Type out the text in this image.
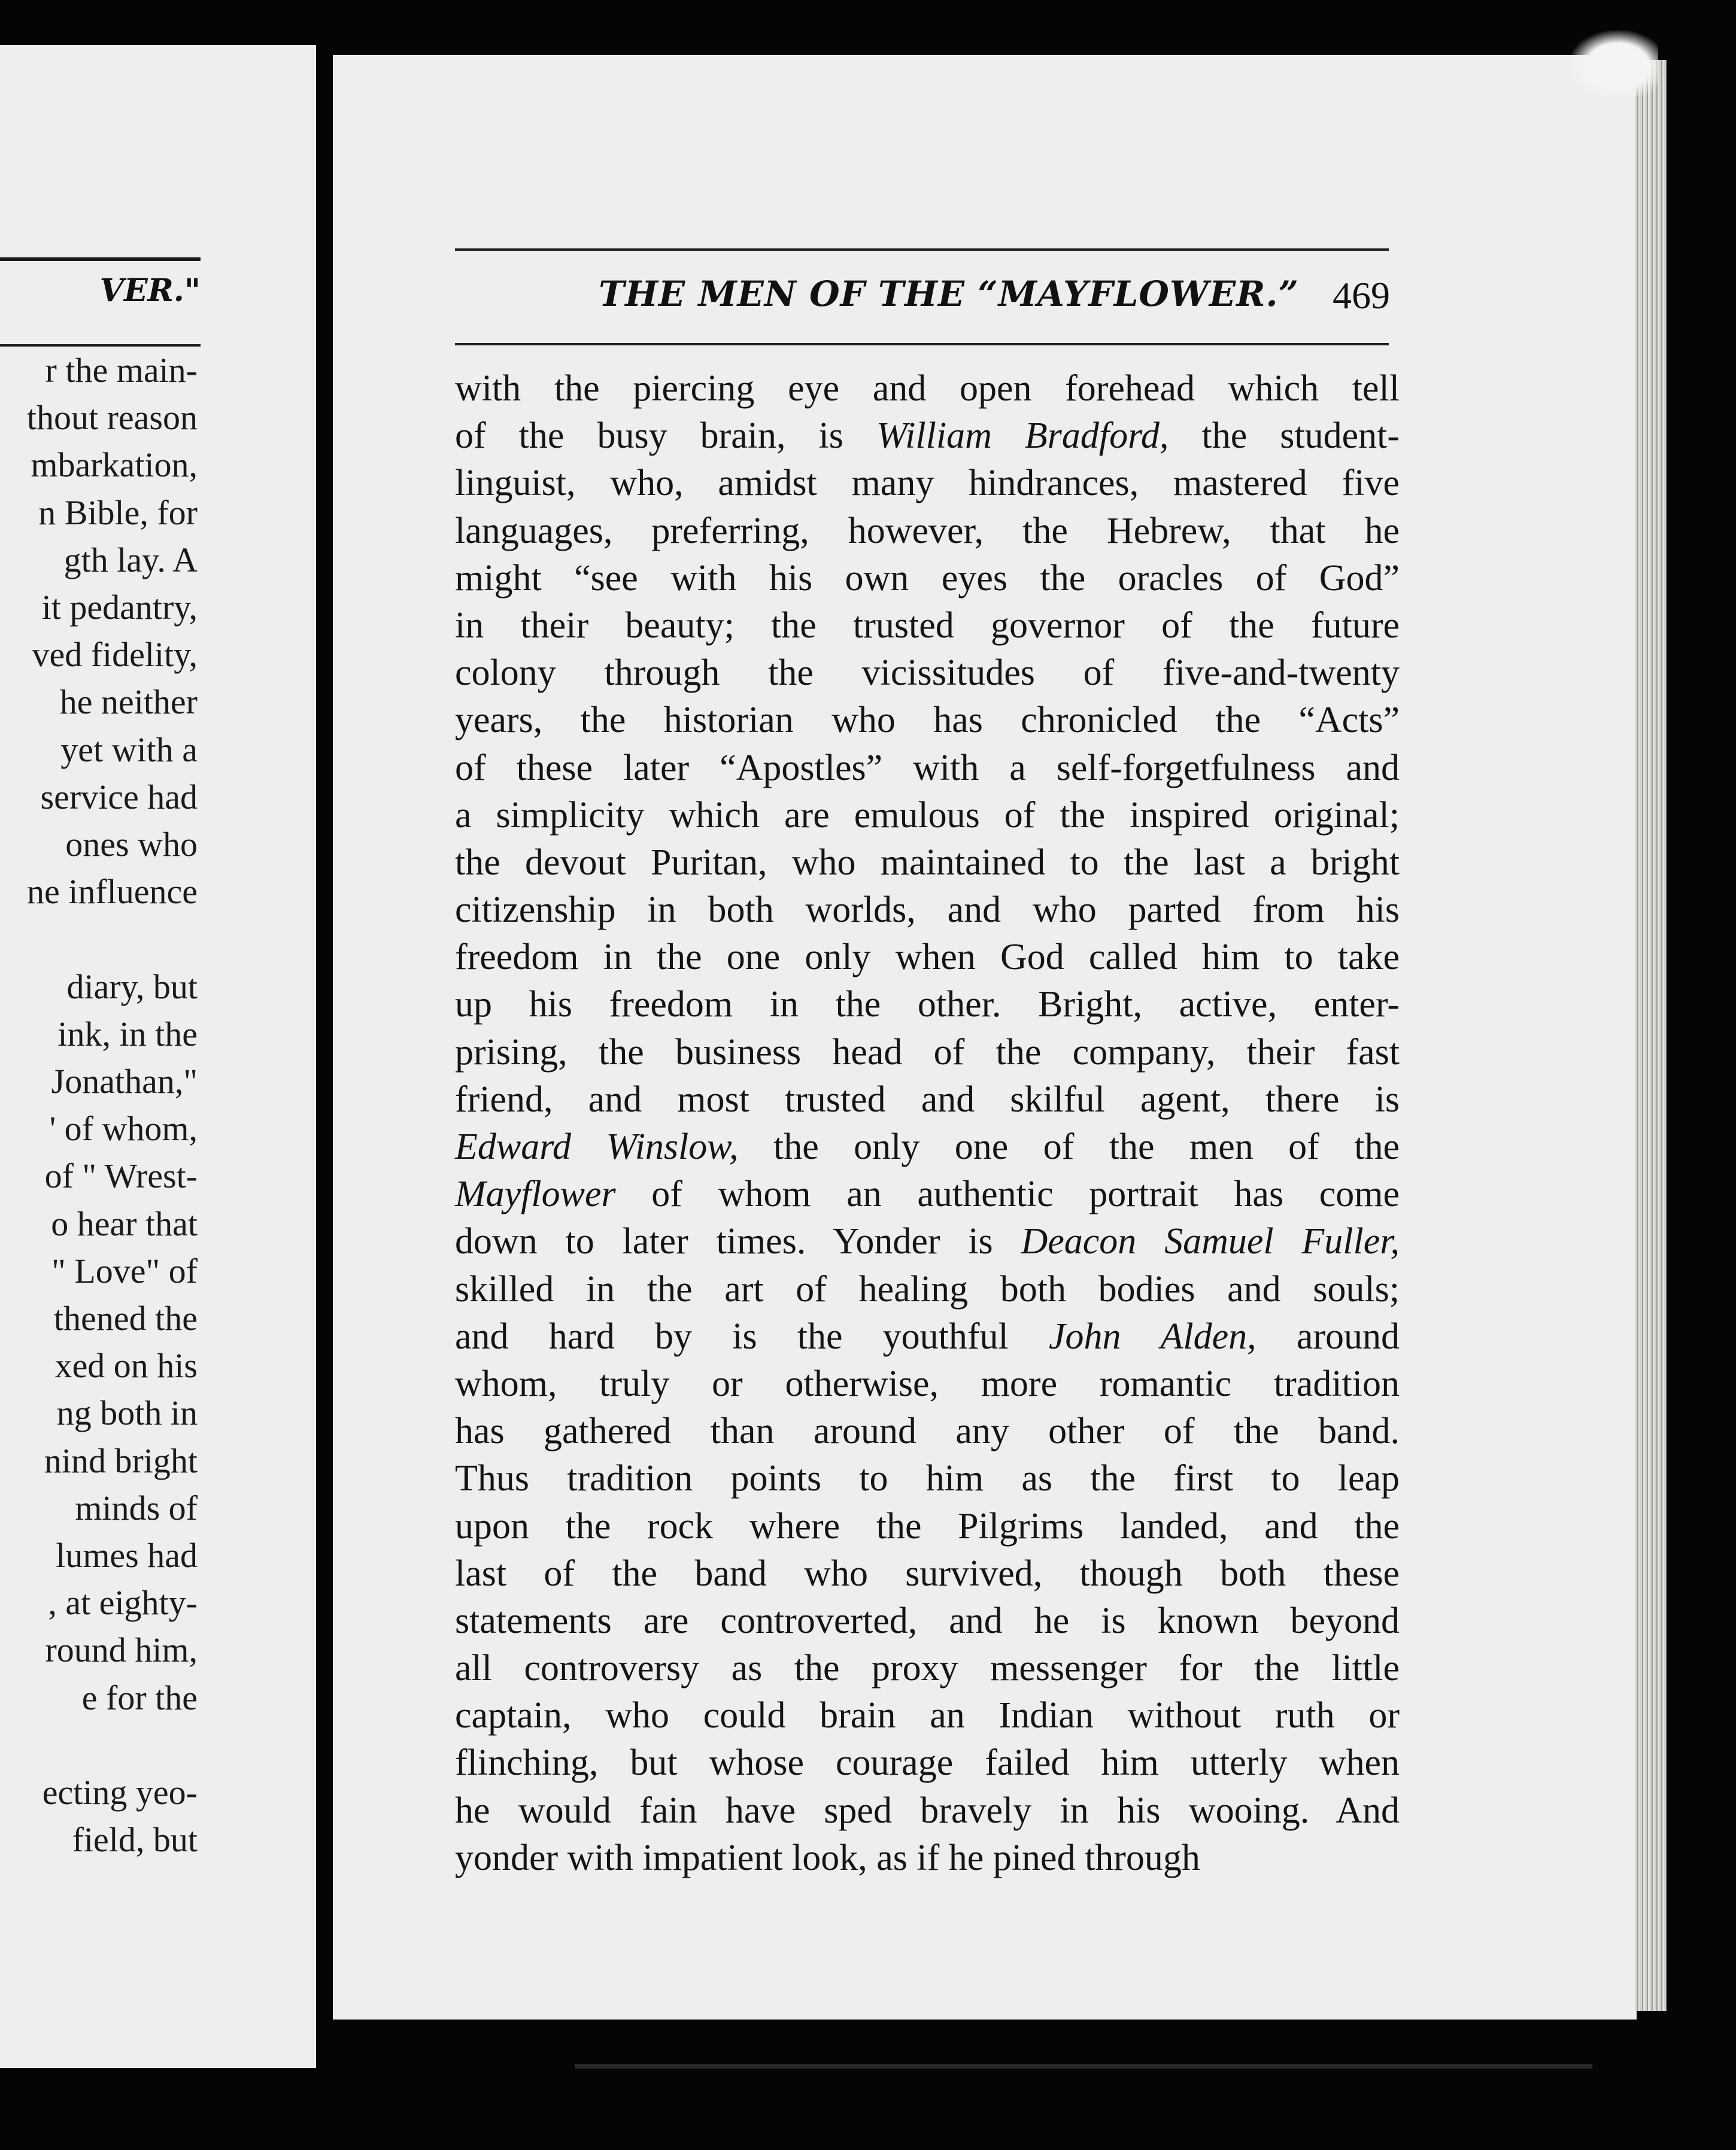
VER."
r the main-
thout reason
mbarkation,
n Bible, for
gth lay. A
it pedantry,
ved fidelity,
he neither
yet with a
service had
ones who
ne influence
diary, but
ink, in the
Jonathan,"
' of whom,
of " Wrest-
o hear that
" Love" of
thened the
xed on his
ng both in
nind bright
minds of
lumes had
, at eighty-
round him,
e for the
ecting yeo-
field, but
THE MEN OF THE “MAYFLOWER.” 469
with the piercing eye and open forehead which tell
of the busy brain, is William Bradford, the student-
linguist, who, amidst many hindrances, mastered five
languages, preferring, however, the Hebrew, that he
might “see with his own eyes the oracles of God”
in their beauty; the trusted governor of the future
colony through the vicissitudes of five-and-twenty
years, the historian who has chronicled the “Acts”
of these later “Apostles” with a self-forgetfulness and
a simplicity which are emulous of the inspired original;
the devout Puritan, who maintained to the last a bright
citizenship in both worlds, and who parted from his
freedom in the one only when God called him to take
up his freedom in the other. Bright, active, enter-
prising, the business head of the company, their fast
friend, and most trusted and skilful agent, there is
Edward Winslow, the only one of the men of the
Mayflower of whom an authentic portrait has come
down to later times. Yonder is Deacon Samuel Fuller,
skilled in the art of healing both bodies and souls;
and hard by is the youthful John Alden, around
whom, truly or otherwise, more romantic tradition
has gathered than around any other of the band.
Thus tradition points to him as the first to leap
upon the rock where the Pilgrims landed, and the
last of the band who survived, though both these
statements are controverted, and he is known beyond
all controversy as the proxy messenger for the little
captain, who could brain an Indian without ruth or
flinching, but whose courage failed him utterly when
he would fain have sped bravely in his wooing. And
yonder with impatient look, as if he pined through
